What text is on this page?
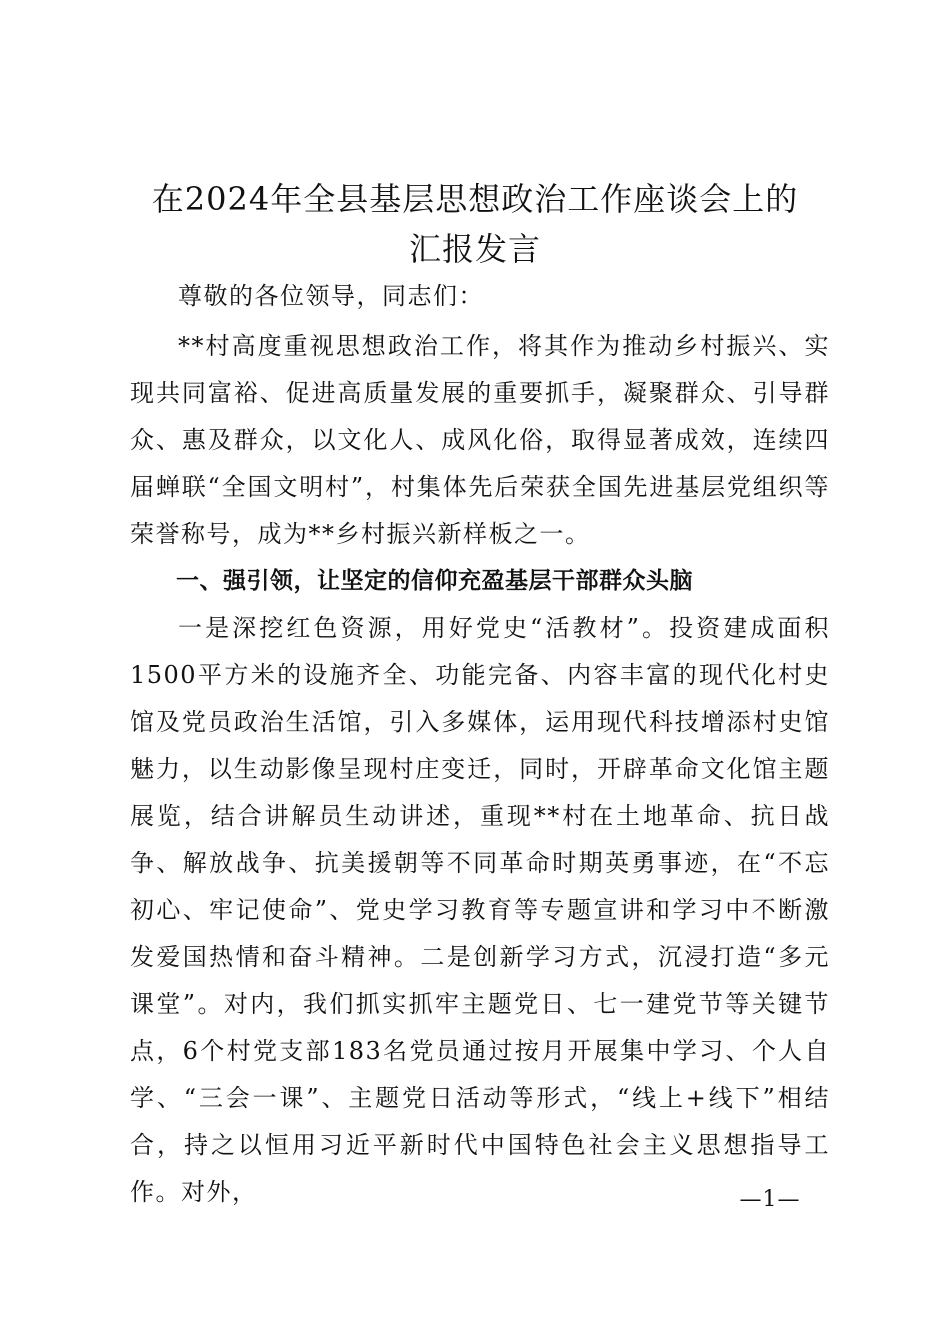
在2024年全县基层思想政治工作座谈会上的
汇报发言

尊敬的各位领导，同志们：

**村高度重视思想政治工作，将其作为推动乡村振兴、实现共同富裕、促进高质量发展的重要抓手，凝聚群众、引导群众、惠及群众，以文化人、成风化俗，取得显著成效，连续四届蝉联“全国文明村”，村集体先后荣获全国先进基层党组织等荣誉称号，成为**乡村振兴新样板之一。

一、强引领，让坚定的信仰充盈基层干部群众头脑

一是深挖红色资源，用好党史“活教材”。投资建成面积1500平方米的设施齐全、功能完备、内容丰富的现代化村史馆及党员政治生活馆，引入多媒体，运用现代科技增添村史馆魅力，以生动影像呈现村庄变迁，同时，开辟革命文化馆主题展览，结合讲解员生动讲述，重现**村在土地革命、抗日战争、解放战争、抗美援朝等不同革命时期英勇事迹，在“不忘初心、牢记使命”、党史学习教育等专题宣讲和学习中不断激发爱国热情和奋斗精神。二是创新学习方式，沉浸打造“多元课堂”。对内，我们抓实抓牢主题党日、七一建党节等关键节点，6个村党支部183名党员通过按月开展集中学习、个人自学、“三会一课”、主题党日活动等形式，“线上+线下”相结合，持之以恒用习近平新时代中国特色社会主义思想指导工作。对外，	—1—
